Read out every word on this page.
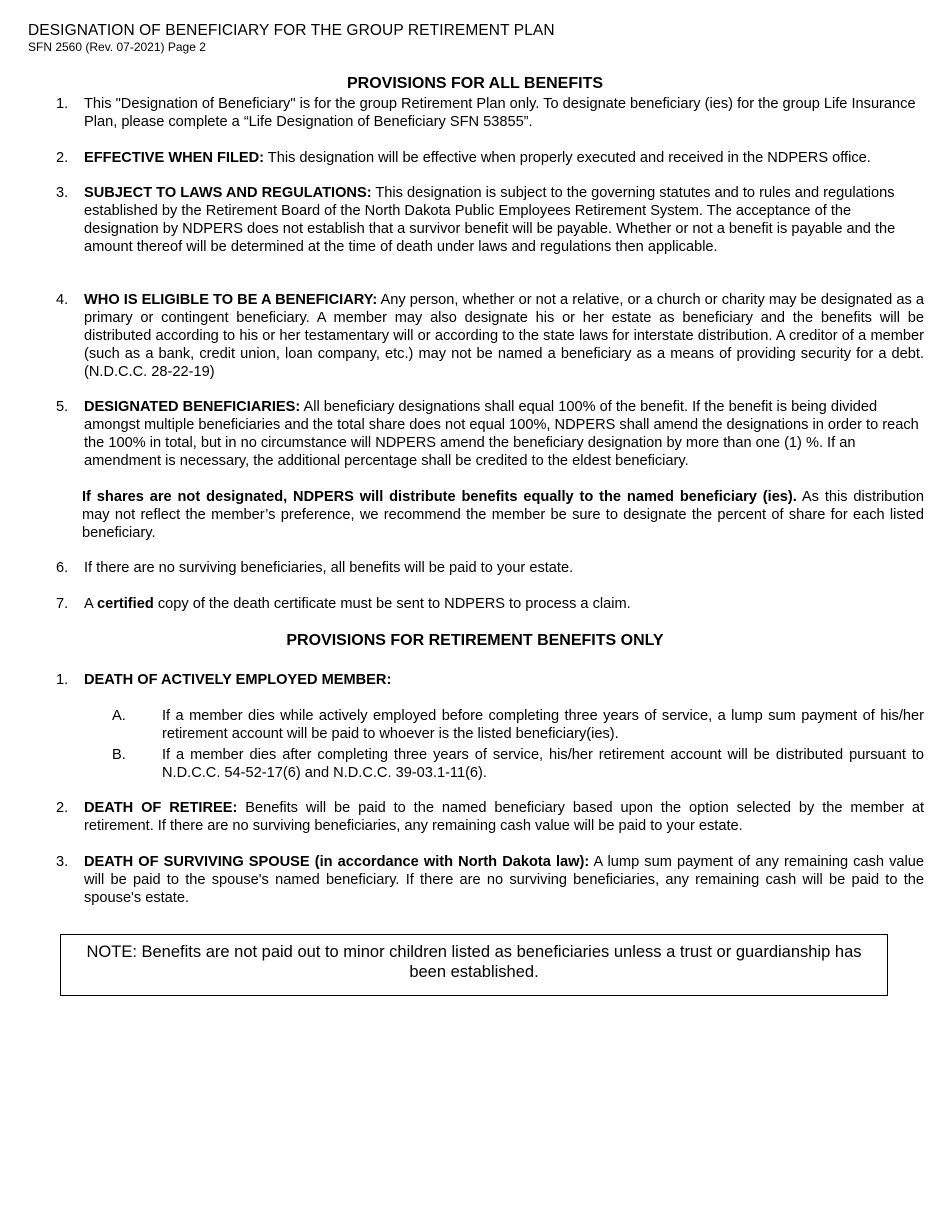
DESIGNATION OF BENEFICIARY FOR THE GROUP RETIREMENT PLAN
SFN 2560 (Rev. 07-2021) Page 2
PROVISIONS FOR ALL BENEFITS
1. This "Designation of Beneficiary" is for the group Retirement Plan only. To designate beneficiary (ies) for the group Life Insurance Plan, please complete a “Life Designation of Beneficiary SFN 53855”.
2. EFFECTIVE WHEN FILED: This designation will be effective when properly executed and received in the NDPERS office.
3. SUBJECT TO LAWS AND REGULATIONS: This designation is subject to the governing statutes and to rules and regulations established by the Retirement Board of the North Dakota Public Employees Retirement System. The acceptance of the designation by NDPERS does not establish that a survivor benefit will be payable. Whether or not a benefit is payable and the amount thereof will be determined at the time of death under laws and regulations then applicable.
4. WHO IS ELIGIBLE TO BE A BENEFICIARY: Any person, whether or not a relative, or a church or charity may be designated as a primary or contingent beneficiary. A member may also designate his or her estate as beneficiary and the benefits will be distributed according to his or her testamentary will or according to the state laws for interstate distribution. A creditor of a member (such as a bank, credit union, loan company, etc.) may not be named a beneficiary as a means of providing security for a debt. (N.D.C.C. 28-22-19)
5. DESIGNATED BENEFICIARIES: All beneficiary designations shall equal 100% of the benefit. If the benefit is being divided amongst multiple beneficiaries and the total share does not equal 100%, NDPERS shall amend the designations in order to reach the 100% in total, but in no circumstance will NDPERS amend the beneficiary designation by more than one (1) %. If an amendment is necessary, the additional percentage shall be credited to the eldest beneficiary.
If shares are not designated, NDPERS will distribute benefits equally to the named beneficiary (ies). As this distribution may not reflect the member’s preference, we recommend the member be sure to designate the percent of share for each listed beneficiary.
6. If there are no surviving beneficiaries, all benefits will be paid to your estate.
7. A certified copy of the death certificate must be sent to NDPERS to process a claim.
PROVISIONS FOR RETIREMENT BENEFITS ONLY
1. DEATH OF ACTIVELY EMPLOYED MEMBER:
A. If a member dies while actively employed before completing three years of service, a lump sum payment of his/her retirement account will be paid to whoever is the listed beneficiary(ies).
B. If a member dies after completing three years of service, his/her retirement account will be distributed pursuant to N.D.C.C. 54-52-17(6) and N.D.C.C. 39-03.1-11(6).
2. DEATH OF RETIREE: Benefits will be paid to the named beneficiary based upon the option selected by the member at retirement. If there are no surviving beneficiaries, any remaining cash value will be paid to your estate.
3. DEATH OF SURVIVING SPOUSE (in accordance with North Dakota law): A lump sum payment of any remaining cash value will be paid to the spouse's named beneficiary. If there are no surviving beneficiaries, any remaining cash will be paid to the spouse's estate.
NOTE: Benefits are not paid out to minor children listed as beneficiaries unless a trust or guardianship has been established.
